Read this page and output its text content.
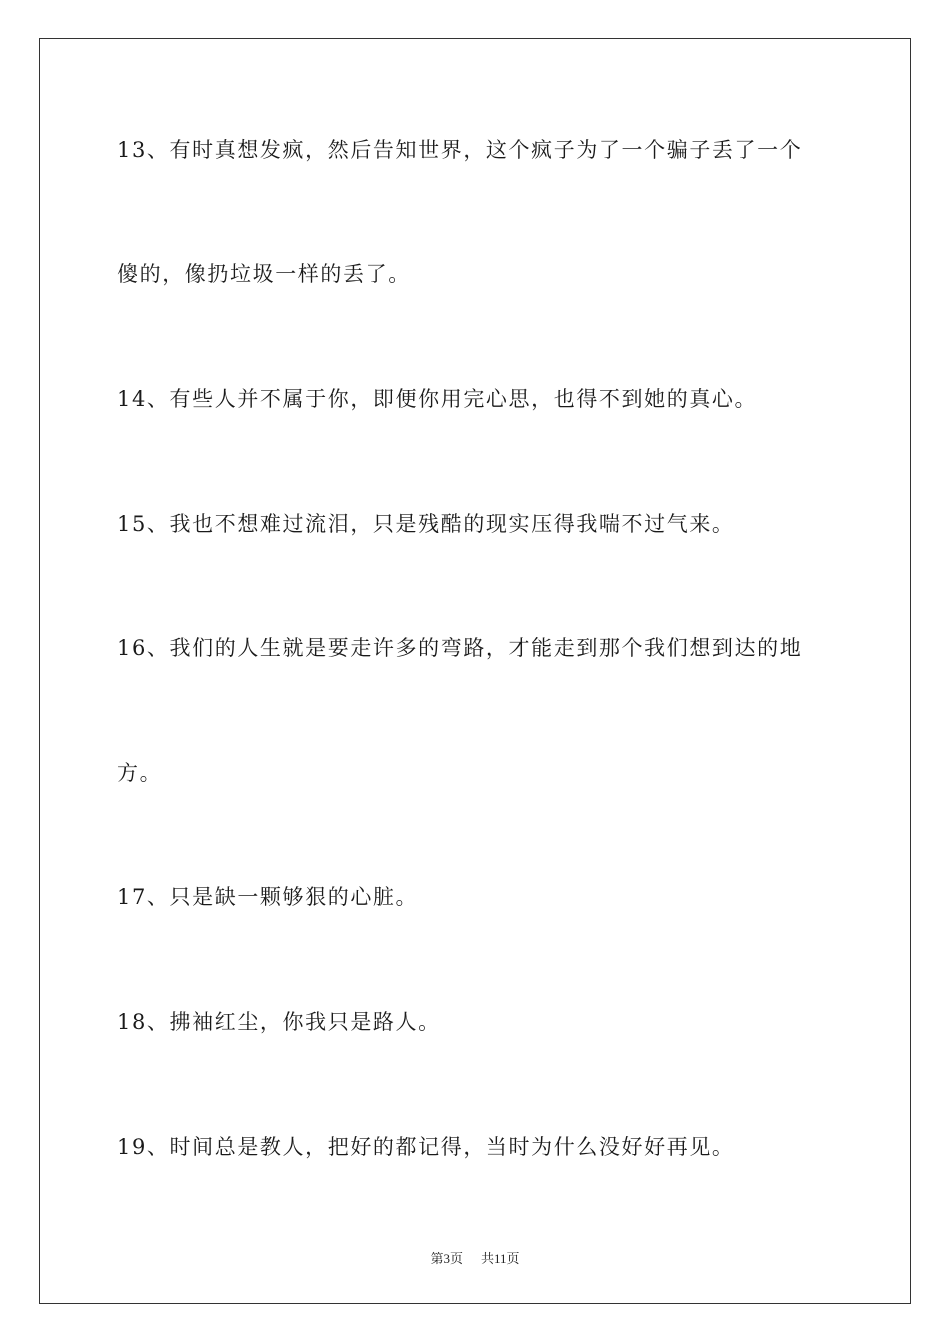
13、有时真想发疯，然后告知世界，这个疯子为了一个骗子丢了一个
傻的，像扔垃圾一样的丢了。
14、有些人并不属于你，即便你用完心思，也得不到她的真心。
15、我也不想难过流泪，只是残酷的现实压得我喘不过气来。
16、我们的人生就是要走许多的弯路，才能走到那个我们想到达的地
方。
17、只是缺一颗够狠的心脏。
18、拂袖红尘，你我只是路人。
19、时间总是教人，把好的都记得，当时为什么没好好再见。
第3页 共11页
